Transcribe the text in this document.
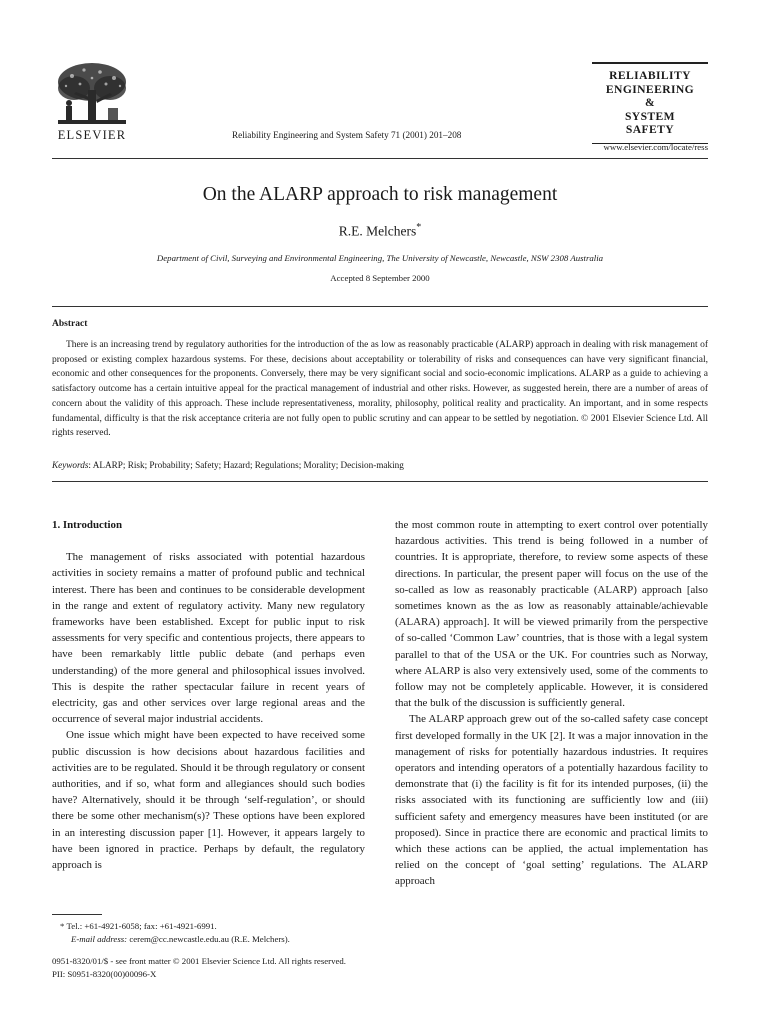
ELSEVIER	Reliability Engineering and System Safety 71 (2001) 201–208
RELIABILITY
ENGINEERING
&
SYSTEM
SAFETY
www.elsevier.com/locate/ress
On the ALARP approach to risk management
R.E. Melchers*
Department of Civil, Surveying and Environmental Engineering, The University of Newcastle, Newcastle, NSW 2308 Australia
Accepted 8 September 2000
Abstract

There is an increasing trend by regulatory authorities for the introduction of the as low as reasonably practicable (ALARP) approach in dealing with risk management of proposed or existing complex hazardous systems. For these, decisions about acceptability or tolerability of risks and consequences can have very significant financial, economic and other consequences for the proponents. Conversely, there may be very significant social and socio-economic implications. ALARP as a guide to achieving a satisfactory outcome has a certain intuitive appeal for the practical management of industrial and other risks. However, as suggested herein, there are a number of areas of concern about the validity of this approach. These include representativeness, morality, philosophy, political reality and practicality. An important, and in some respects fundamental, difficulty is that the risk acceptance criteria are not fully open to public scrutiny and can appear to be settled by negotiation. © 2001 Elsevier Science Ltd. All rights reserved.

Keywords: ALARP; Risk; Probability; Safety; Hazard; Regulations; Morality; Decision-making
1. Introduction

The management of risks associated with potential hazardous activities in society remains a matter of profound public and technical interest. There has been and continues to be considerable development in the range and extent of regulatory activity. Many new regulatory frameworks have been established. Except for public input to risk assessments for very specific and contentious projects, there appears to have been remarkably little public debate (and perhaps even understanding) of the more general and philosophical issues involved. This is despite the rather spectacular failure in recent years of electricity, gas and other services over large regional areas and the occurrence of several major industrial accidents.

One issue which might have been expected to have received some public discussion is how decisions about hazardous facilities and activities are to be regulated. Should it be through regulatory or consent authorities, and if so, what form and allegiances should such bodies have? Alternatively, should it be through ‘self-regulation’, or should there be some other mechanism(s)? These options have been explored in an interesting discussion paper [1]. However, it appears largely to have been ignored in practice. Perhaps by default, the regulatory approach is

the most common route in attempting to exert control over potentially hazardous activities. This trend is being followed in a number of countries. It is appropriate, therefore, to review some aspects of these directions. In particular, the present paper will focus on the use of the so-called as low as reasonably practicable (ALARP) approach [also sometimes known as the as low as reasonably attainable/achievable (ALARA) approach]. It will be viewed primarily from the perspective of so-called ‘Common Law’ countries, that is those with a legal system parallel to that of the USA or the UK. For countries such as Norway, where ALARP is also very extensively used, some of the comments to follow may not be completely applicable. However, it is considered that the bulk of the discussion is sufficiently general.

The ALARP approach grew out of the so-called safety case concept first developed formally in the UK [2]. It was a major innovation in the management of risks for potentially hazardous industries. It requires operators and intending operators of a potentially hazardous facility to demonstrate that (i) the facility is fit for its intended purposes, (ii) the risks associated with its functioning are sufficiently low and (iii) sufficient safety and emergency measures have been instituted (or are proposed). Since in practice there are economic and practical limits to which these actions can be applied, the actual implementation has relied on the concept of ‘goal setting’ regulations. The ALARP approach

* Tel.: +61-4921-6058; fax: +61-4921-6991.
E-mail address: cerem@cc.newcastle.edu.au (R.E. Melchers).
0951-8320/01/$ - see front matter © 2001 Elsevier Science Ltd. All rights reserved.
PII: S0951-8320(00)00096-X
